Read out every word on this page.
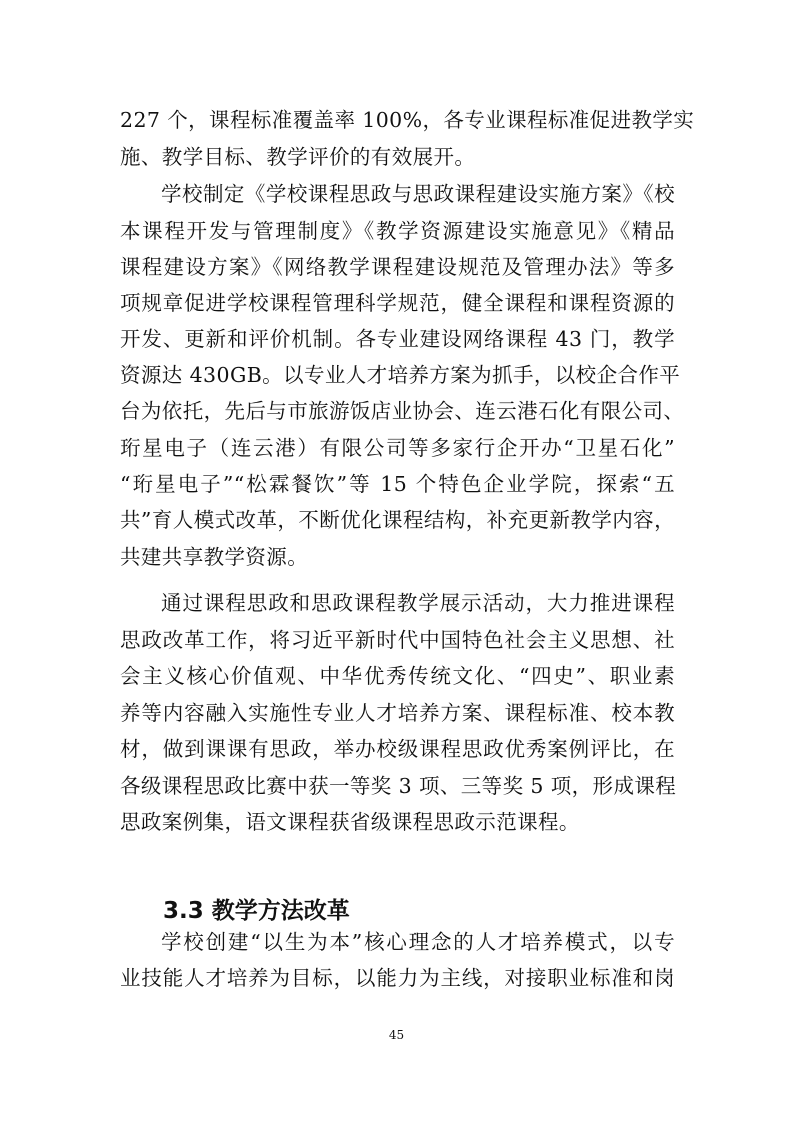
227 个，课程标准覆盖率 100%，各专业课程标准促进教学实
施、教学目标、教学评价的有效展开。
学校制定《学校课程思政与思政课程建设实施方案》《校
本课程开发与管理制度》《教学资源建设实施意见》《精品
课程建设方案》《网络教学课程建设规范及管理办法》等多
项规章促进学校课程管理科学规范，健全课程和课程资源的
开发、更新和评价机制。各专业建设网络课程 43 门，教学
资源达 430GB。以专业人才培养方案为抓手，以校企合作平
台为依托，先后与市旅游饭店业协会、连云港石化有限公司、
珩星电子（连云港）有限公司等多家行企开办“卫星石化”
“珩星电子”“松霖餐饮”等 15 个特色企业学院，探索“五
共”育人模式改革，不断优化课程结构，补充更新教学内容，
共建共享教学资源。
通过课程思政和思政课程教学展示活动，大力推进课程
思政改革工作，将习近平新时代中国特色社会主义思想、社
会主义核心价值观、中华优秀传统文化、“四史”、职业素
养等内容融入实施性专业人才培养方案、课程标准、校本教
材，做到课课有思政，举办校级课程思政优秀案例评比，在
各级课程思政比赛中获一等奖 3 项、三等奖 5 项，形成课程
思政案例集，语文课程获省级课程思政示范课程。
3.3 教学方法改革
学校创建“以生为本”核心理念的人才培养模式，以专
业技能人才培养为目标，以能力为主线，对接职业标准和岗
45
